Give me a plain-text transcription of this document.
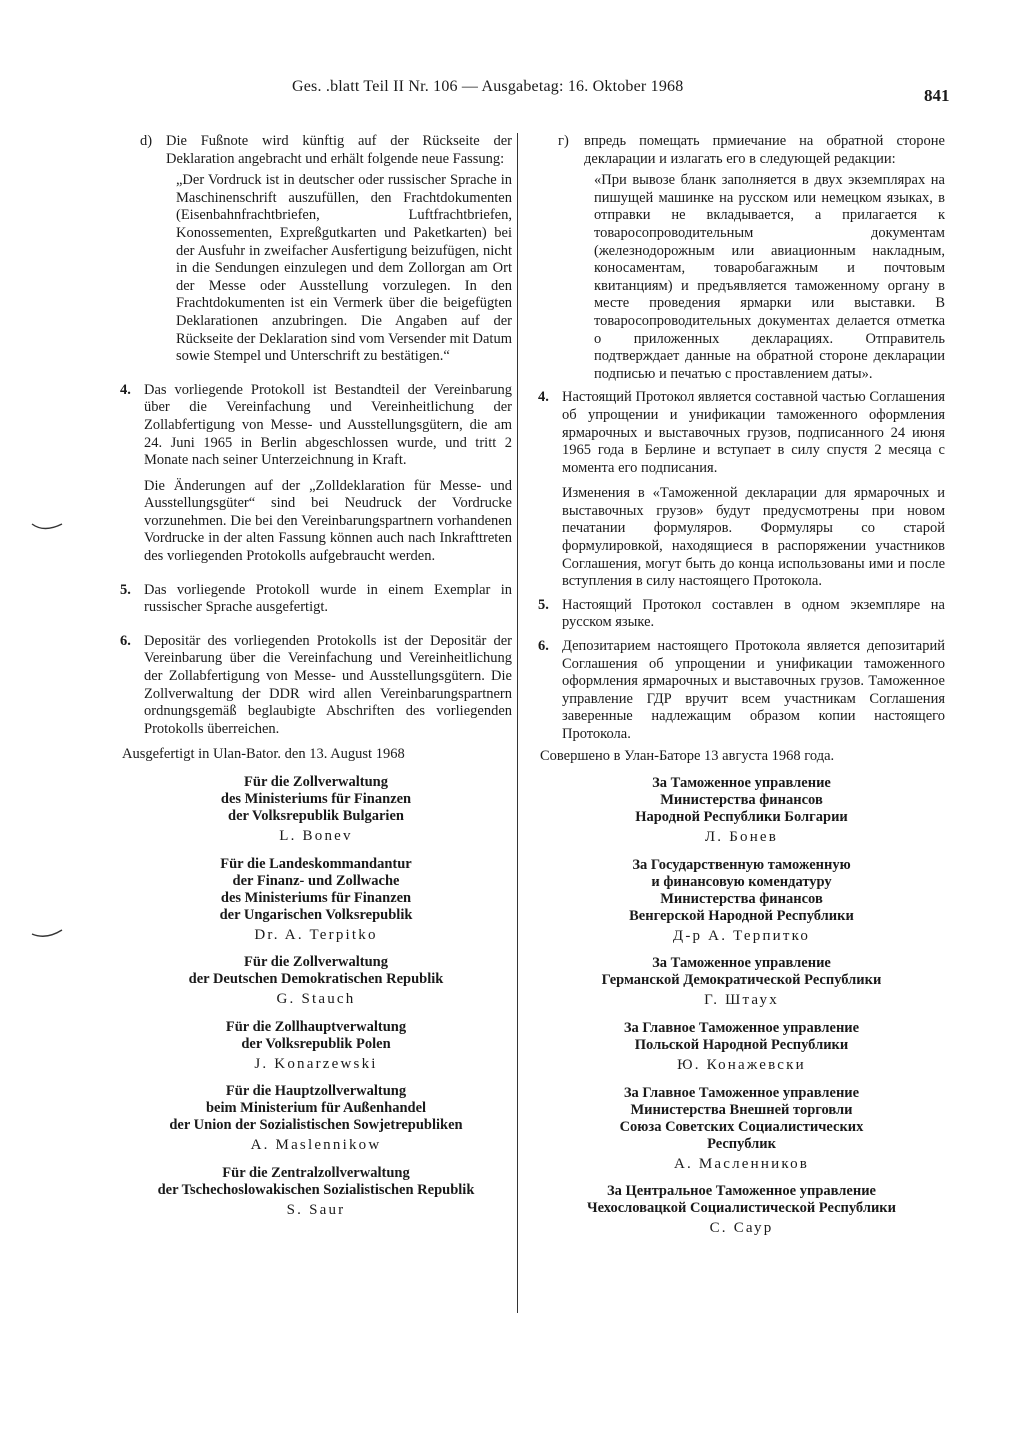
Ges. .blatt Teil II Nr. 106 — Ausgabetag: 16. Oktober 1968	841
d) Die Fußnote wird künftig auf der Rückseite der Deklaration angebracht und erhält folgende neue Fassung:

„Der Vordruck ist in deutscher oder russischer Sprache in Maschinenschrift auszufüllen, den Frachtdokumenten (Eisenbahnfrachtbriefen, Luftfrachtbriefen, Konossementen, Expreßgutkarten und Paketkarten) bei der Ausfuhr in zweifacher Ausfertigung beizufügen, nicht in die Sendungen einzulegen und dem Zollorgan am Ort der Messe oder Ausstellung vorzulegen. In den Frachtdokumenten ist ein Vermerk über die beigefügten Deklarationen anzubringen. Die Angaben auf der Rückseite der Deklaration sind vom Versender mit Datum sowie Stempel und Unterschrift zu bestätigen.“

4. Das vorliegende Protokoll ist Bestandteil der Vereinbarung über die Vereinfachung und Vereinheitlichung der Zollabfertigung von Messe- und Ausstellungsgütern, die am 24. Juni 1965 in Berlin abgeschlossen wurde, und tritt 2 Monate nach seiner Unterzeichnung in Kraft.

Die Änderungen auf der „Zolldeklaration für Messe- und Ausstellungsgüter“ sind bei Neudruck der Vordrucke vorzunehmen. Die bei den Vereinbarungspartnern vorhandenen Vordrucke in der alten Fassung können auch nach Inkrafttreten des vorliegenden Protokolls aufgebraucht werden.

5. Das vorliegende Protokoll wurde in einem Exemplar in russischer Sprache ausgefertigt.

6. Depositär des vorliegenden Protokolls ist der Depositär der Vereinbarung über die Vereinfachung und Vereinheitlichung der Zollabfertigung von Messe- und Ausstellungsgütern. Die Zollverwaltung der DDR wird allen Vereinbarungspartnern ordnungsgemäß beglaubigte Abschriften des vorliegenden Protokolls überreichen.

Ausgefertigt in Ulan-Bator. den 13. August 1968

Für die Zollverwaltung
des Ministeriums für Finanzen
der Volksrepublik Bulgarien
L. Bonev
Für die Landeskommandantur
der Finanz- und Zollwache
des Ministeriums für Finanzen
der Ungarischen Volksrepublik
Dr. A. Terpitko
Für die Zollverwaltung
der Deutschen Demokratischen Republik
G. Stauch
Für die Zollhauptverwaltung
der Volksrepublik Polen
J. Konarzewski
Für die Hauptzollverwaltung
beim Ministerium für Außenhandel
der Union der Sozialistischen Sowjetrepubliken
A. Maslennikow
Für die Zentralzollverwaltung
der Tschechoslowakischen Sozialistischen Republik
S. Saur
г)	впредь помещать прмиечание на обратной стороне декларации и излагать его в следующей редакции:

«При вывозе бланк заполняется в двух экземплярах на пишущей машинке на русском или немецком языках, в отправки не вкладывается, а прилагается к товаросопроводительным документам (железнодорожным или авиационным накладным, коносаментам, товаробагажным и почтовым квитанциям) и предъявляется таможенному органу в месте проведения ярмарки или выставки. В товаросопроводительных документах делается отметка о приложенных декларациях. Отправитель подтверждает данные на обратной стороне декларации подписью и печатью с проставлением даты».

4. Настоящий Протокол является составной частью Соглашения об упрощении и унификации таможенного оформления ярмарочных и выставочных грузов, подписанного 24 июня 1965 года в Берлине и вступает в силу спустя 2 месяца с момента его подписания.

Изменения в «Таможенной декларации для ярмарочных и выставочных грузов» будут предусмотрены при новом печатании формуляров. Формуляры со старой формулировкой, находящиеся в распоряжении участников Соглашения, могут быть до конца использованы ими и после вступления в силу настоящего Протокола.

5. Настоящий Протокол составлен в одном экземпляре на русском языке.

6. Депозитарием настоящего Протокола является депозитарий Соглашения об упрощении и унификации таможенного оформления ярмарочных и выставочных грузов. Таможенное управление ГДР вручит всем участникам Соглашения заверенные надлежащим образом копии настоящего Протокола.

Совершено в Улан-Баторе 13 августа 1968 года.

За Таможенное управление
Министерства финансов
Народной Республики Болгарии
Л. Бонев
За Государственную таможенную
и финансовую комендатуру
Министерства финансов
Венгерской Народной Республики
Д-р А. Терпитко
За Таможенное управление
Германской Демократической Республики
Г. Штаух
За Главное Таможенное управление
Польской Народной Республики
Ю. Конажевски
За Главное Таможенное управление
Министерства Внешней торговли
Союза Советских Социалистических
Республик
А. Масленников
За Центральное Таможенное управление
Чехословацкой Социалистической Республики
С. Саур
